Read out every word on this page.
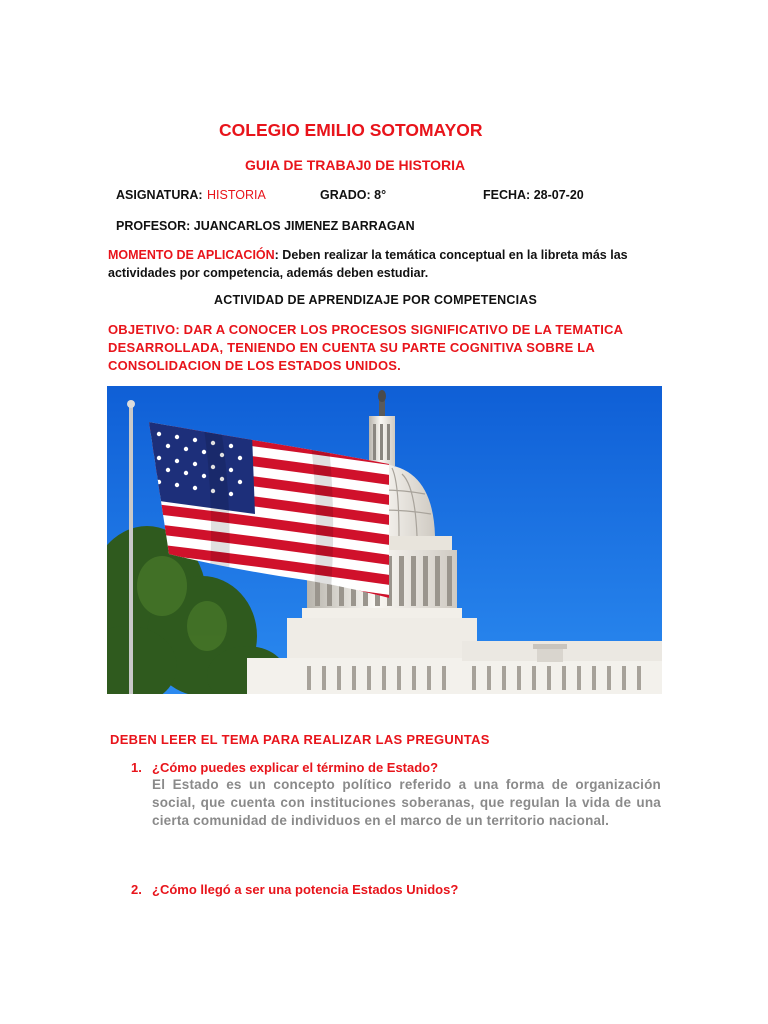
COLEGIO EMILIO SOTOMAYOR
GUIA DE TRABAJ0 DE HISTORIA
ASIGNATURA: HISTORIA	GRADO: 8°	FECHA: 28-07-20
PROFESOR: JUANCARLOS JIMENEZ BARRAGAN
MOMENTO DE APLICACIÓN: Deben realizar la temática conceptual en la libreta más las actividades por competencia, además deben estudiar.
ACTIVIDAD DE APRENDIZAJE POR COMPETENCIAS
OBJETIVO: DAR A CONOCER LOS PROCESOS SIGNIFICATIVO DE LA TEMATICA DESARROLLADA, TENIENDO EN CUENTA SU PARTE COGNITIVA SOBRE LA CONSOLIDACION DE LOS ESTADOS UNIDOS.
DEBEN LEER EL TEMA PARA REALIZAR LAS PREGUNTAS
1. ¿Cómo puedes explicar el término de Estado?
El Estado es un concepto político referido a una forma de organización social, que cuenta con instituciones soberanas, que regulan la vida de una cierta comunidad de individuos en el marco de un territorio nacional.
2. ¿Cómo llegó a ser una potencia Estados Unidos?
